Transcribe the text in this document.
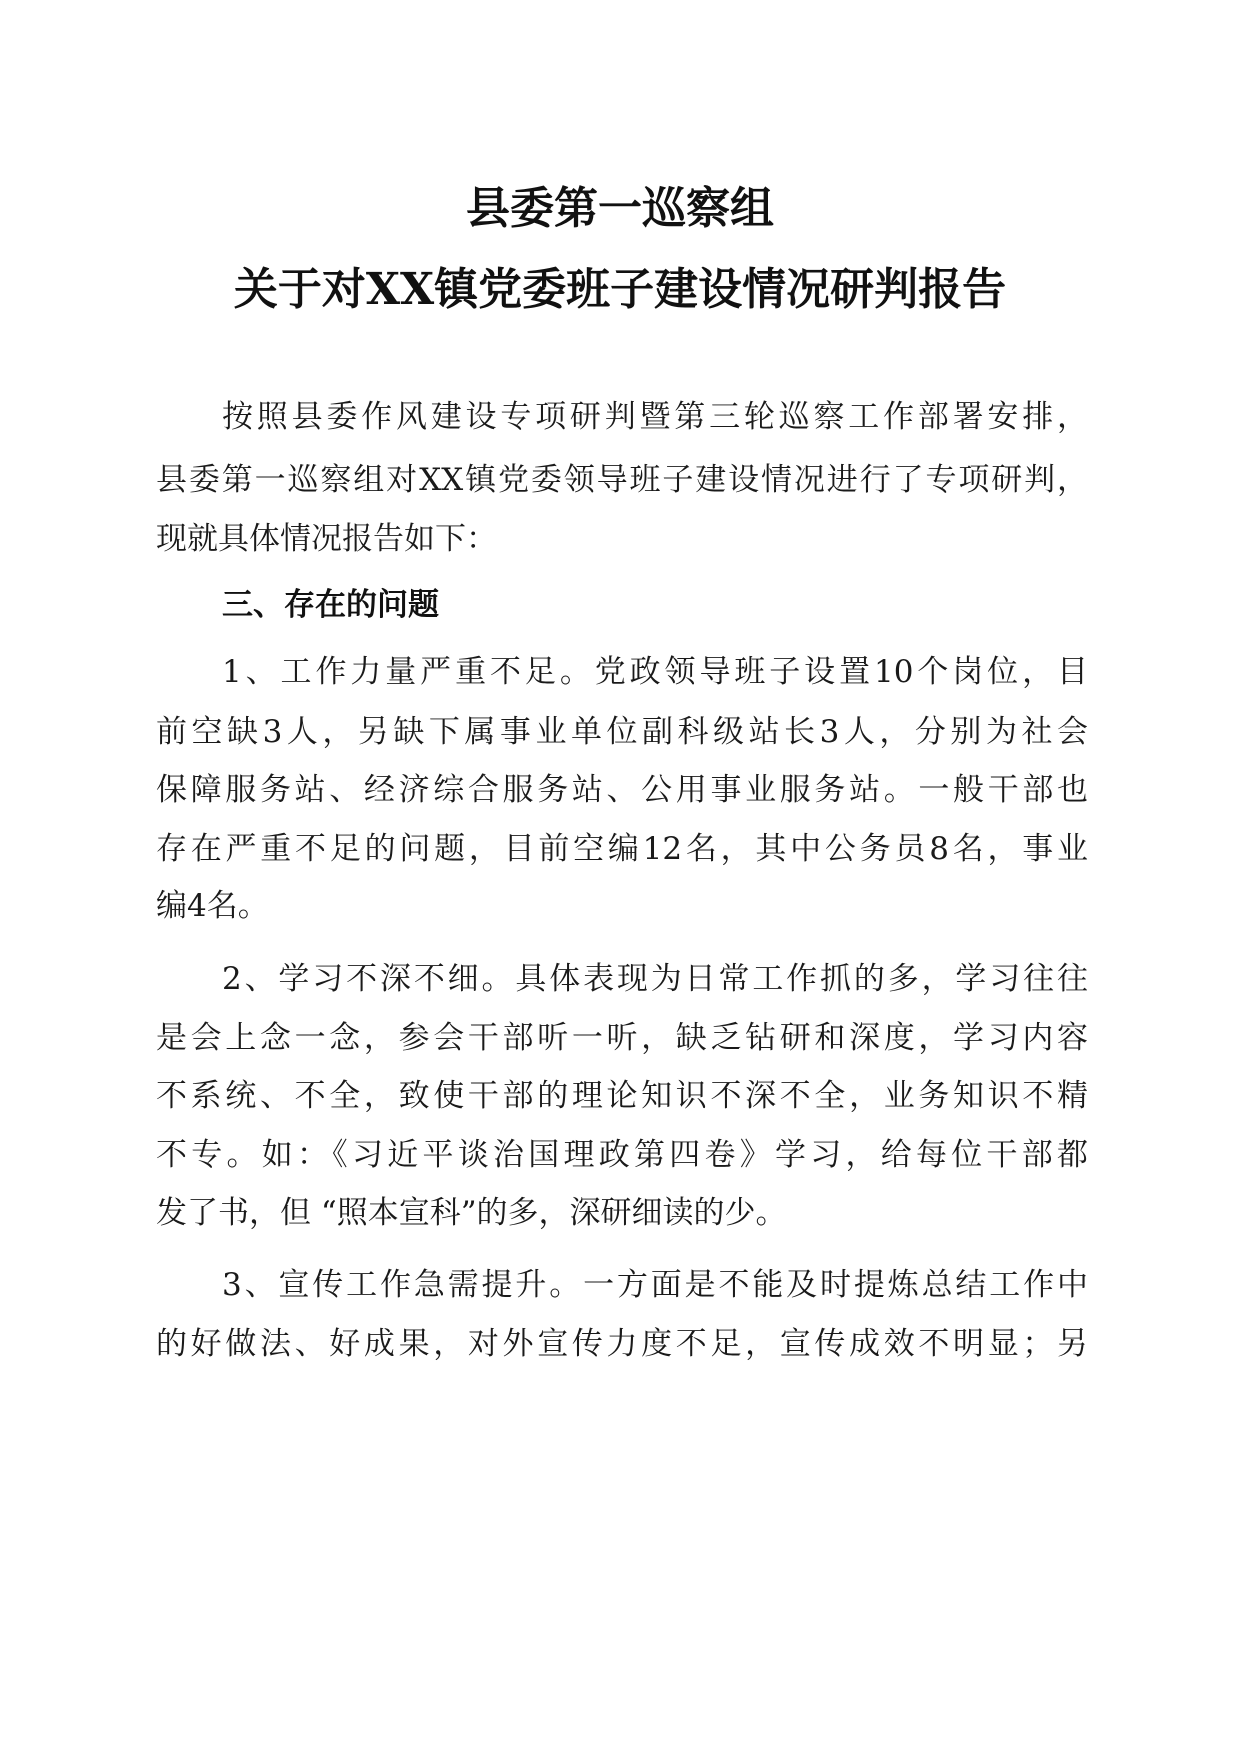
县委第一巡察组
关于对XX镇党委班子建设情况研判报告
按照县委作风建设专项研判暨第三轮巡察工作部署安排，
县委第一巡察组对XX镇党委领导班子建设情况进行了专项研判，
现就具体情况报告如下：
三、存在的问题
1、工作力量严重不足。党政领导班子设置10个岗位，目
前空缺3人，另缺下属事业单位副科级站长3人，分别为社会
保障服务站、经济综合服务站、公用事业服务站。一般干部也
存在严重不足的问题，目前空编12名，其中公务员8名，事业
编4名。
2、学习不深不细。具体表现为日常工作抓的多，学习往往
是会上念一念，参会干部听一听，缺乏钻研和深度，学习内容
不系统、不全，致使干部的理论知识不深不全，业务知识不精
不专。如：《习近平谈治国理政第四卷》学习，给每位干部都
发了书，但 “照本宣科”的多，深研细读的少。
3、宣传工作急需提升。一方面是不能及时提炼总结工作中
的好做法、好成果，对外宣传力度不足，宣传成效不明显；另
